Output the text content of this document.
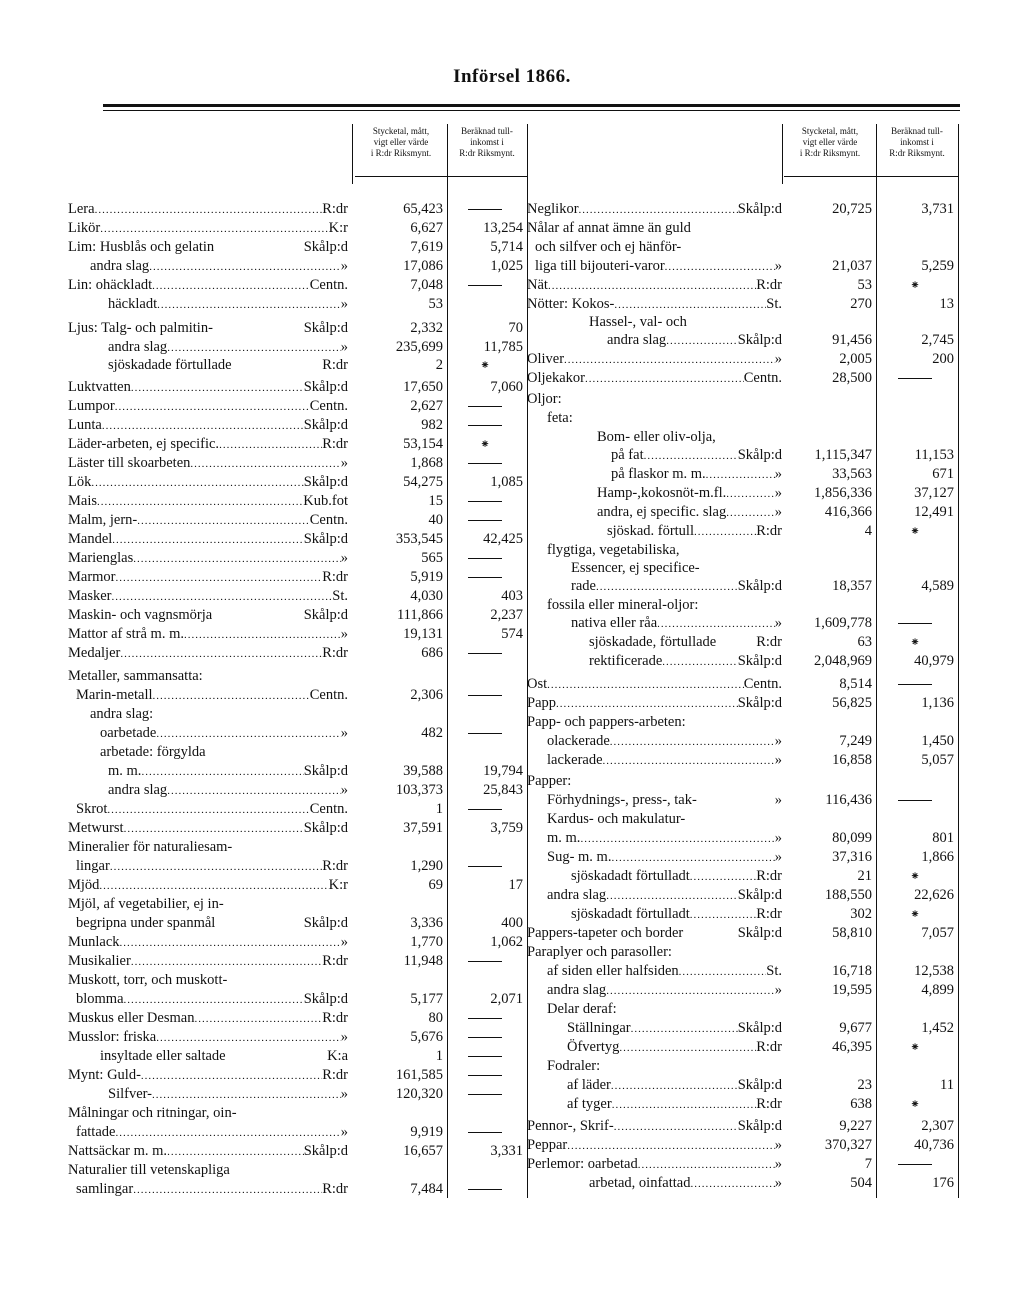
Införsel 1866.
Stycketal, mått,
vigt eller värde
i R:dr Riksmynt.
Beräknad tull-
inkomst i
R:dr Riksmynt.
Stycketal, mått,
vigt eller värde
i R:dr Riksmynt.
Beräknad tull-
inkomst i
R:dr Riksmynt.
Lera .....	R:dr	65,423
Likör .....	K:r	6,627	13,254
Lim: Husblås och gelatin	Skålp:d	7,619	5,714
andra slag .....	»	17,086	1,025
Lin: ohäckladt .....	Centn.	7,048
häckladt .....	»	53
Ljus: Talg- och palmitin-	Skålp:d	2,332	70
andra slag .....	»	235,699	11,785
sjöskadade förtullade	R:dr	2	⁕
Luktvatten .....	Skålp:d	17,650	7,060
Lumpor .....	Centn.	2,627
Lunta .....	Skålp:d	982
Läder-arbeten, ej specific. .....	R:dr	53,154	⁕
Läster till skoarbeten .....	»	1,868
Lök .....	Skålp:d	54,275	1,085
Mais .....	Kub.fot	15
Malm, jern- .....	Centn.	40
Mandel .....	Skålp:d	353,545	42,425
Marienglas .....	»	565
Marmor .....	R:dr	5,919
Masker .....	St.	4,030	403
Maskin- och vagnsmörja	Skålp:d	111,866	2,237
Mattor af strå m. m. .....	»	19,131	574
Medaljer .....	R:dr	686
Metaller, sammansatta:
Marin-metall .....	Centn.	2,306
andra slag:
oarbetade .....	»	482
arbetade: förgylda
m. m. .....	Skålp:d	39,588	19,794
andra slag .....	»	103,373	25,843
Skrot .....	Centn.	1
Metwurst .....	Skålp:d	37,591	3,759
Mineralier för naturaliesam-
lingar .....	R:dr	1,290
Mjöd .....	K:r	69	17
Mjöl, af vegetabilier, ej in-
begripna under spanmål	Skålp:d	3,336	400
Munlack .....	»	1,770	1,062
Musikalier .....	R:dr	11,948
Muskott, torr, och muskott-
blomma .....	Skålp:d	5,177	2,071
Muskus eller Desman .....	R:dr	80
Musslor: friska .....	»	5,676
insyltade eller saltade	K:a	1
Mynt: Guld- .....	R:dr	161,585
Silfver- .....	»	120,320
Målningar och ritningar, oin-
fattade .....	»	9,919
Nattsäckar m. m. .....	Skålp:d	16,657	3,331
Naturalier till vetenskapliga
samlingar .....	R:dr	7,484
Neglikor .....	Skålp:d	20,725	3,731
Nålar af annat ämne än guld
och silfver och ej hänför-
liga till bijouteri-varor .....	»	21,037	5,259
Nät .....	R:dr	53	⁕
Nötter: Kokos- .....	St.	270	13
Hassel-, val- och
andra slag .....	Skålp:d	91,456	2,745
Oliver .....	»	2,005	200
Oljekakor .....	Centn.	28,500
Oljor:
feta:
Bom- eller oliv-olja,
på fat .....	Skålp:d	1,115,347	11,153
på flaskor m. m. .....	»	33,563	671
Hamp-,kokosnöt-m.fl. .....	»	1,856,336	37,127
andra, ej specific. slag .....	»	416,366	12,491
sjöskad. förtull .....	R:dr	4	⁕
flygtiga, vegetabiliska,
Essencer, ej specifice-
rade .....	Skålp:d	18,357	4,589
fossila eller mineral-oljor:
nativa eller råa .....	»	1,609,778
sjöskadade, förtullade	R:dr	63	⁕
rektificerade .....	Skålp:d	2,048,969	40,979
Ost .....	Centn.	8,514
Papp .....	Skålp:d	56,825	1,136
Papp- och pappers-arbeten:
olackerade .....	»	7,249	1,450
lackerade .....	»	16,858	5,057
Papper:
Förhydnings-, press-, tak-	»	116,436
Kardus- och makulatur-
m. m. .....	»	80,099	801
Sug- m. m. .....	»	37,316	1,866
sjöskadadt förtulladt .....	R:dr	21	⁕
andra slag .....	Skålp:d	188,550	22,626
sjöskadadt förtulladt .....	R:dr	302	⁕
Pappers-tapeter och border	Skålp:d	58,810	7,057
Paraplyer och parasoller:
af siden eller halfsiden .....	St.	16,718	12,538
andra slag .....	»	19,595	4,899
Delar deraf:
Ställningar .....	Skålp:d	9,677	1,452
Öfvertyg .....	R:dr	46,395	⁕
Fodraler:
af läder .....	Skålp:d	23	11
af tyger .....	R:dr	638	⁕
Pennor-, Skrif- .....	Skålp:d	9,227	2,307
Peppar .....	»	370,327	40,736
Perlemor: oarbetad .....	»	7
arbetad, oinfattad .....	»	504	176
